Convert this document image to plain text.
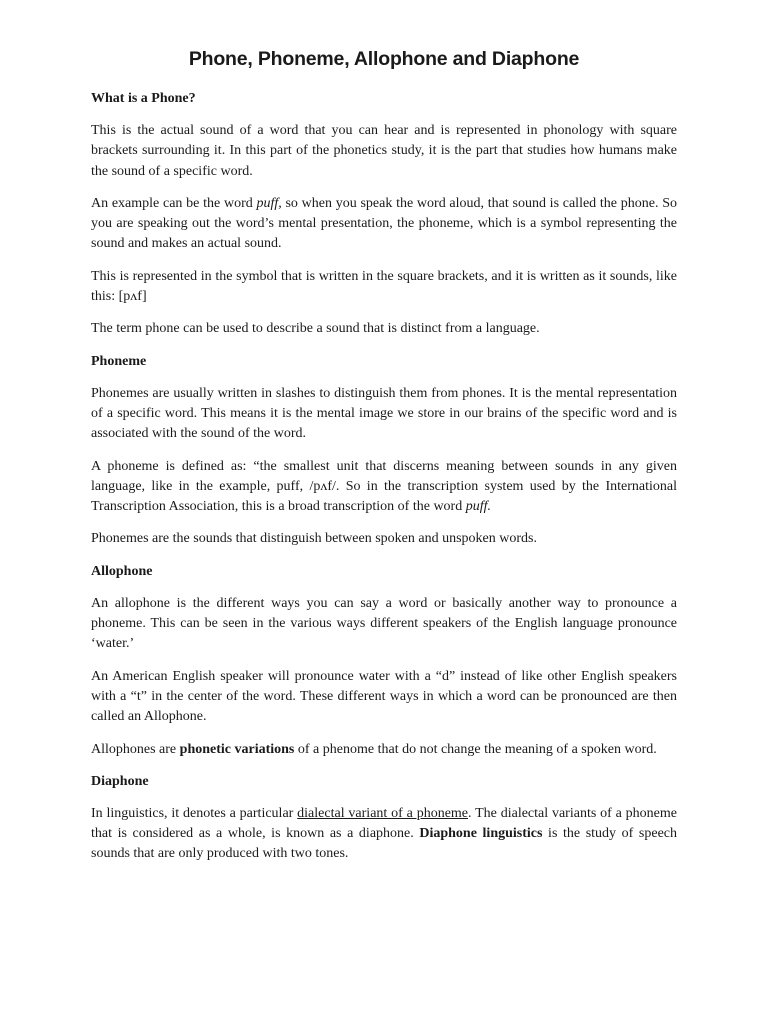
Phone, Phoneme, Allophone and Diaphone
What is a Phone?

This is the actual sound of a word that you can hear and is represented in phonology with square brackets surrounding it. In this part of the phonetics study, it is the part that studies how humans make the sound of a specific word.

An example can be the word puff, so when you speak the word aloud, that sound is called the phone. So you are speaking out the word’s mental presentation, the phoneme, which is a symbol representing the sound and makes an actual sound.

This is represented in the symbol that is written in the square brackets, and it is written as it sounds, like this: [pʌf]

The term phone can be used to describe a sound that is distinct from a language.

Phoneme

Phonemes are usually written in slashes to distinguish them from phones. It is the mental representation of a specific word. This means it is the mental image we store in our brains of the specific word and is associated with the sound of the word.

A phoneme is defined as: “the smallest unit that discerns meaning between sounds in any given language, like in the example, puff, /pʌf/. So in the transcription system used by the International Transcription Association, this is a broad transcription of the word puff.

Phonemes are the sounds that distinguish between spoken and unspoken words.

Allophone

An allophone is the different ways you can say a word or basically another way to pronounce a phoneme. This can be seen in the various ways different speakers of the English language pronounce ‘water.’

An American English speaker will pronounce water with a “d” instead of like other English speakers with a “t” in the center of the word. These different ways in which a word can be pronounced are then called an Allophone.

Allophones are phonetic variations of a phenome that do not change the meaning of a spoken word.

Diaphone

In linguistics, it denotes a particular dialectal variant of a phoneme. The dialectal variants of a phoneme that is considered as a whole, is known as a diaphone. Diaphone linguistics is the study of speech sounds that are only produced with two tones.
